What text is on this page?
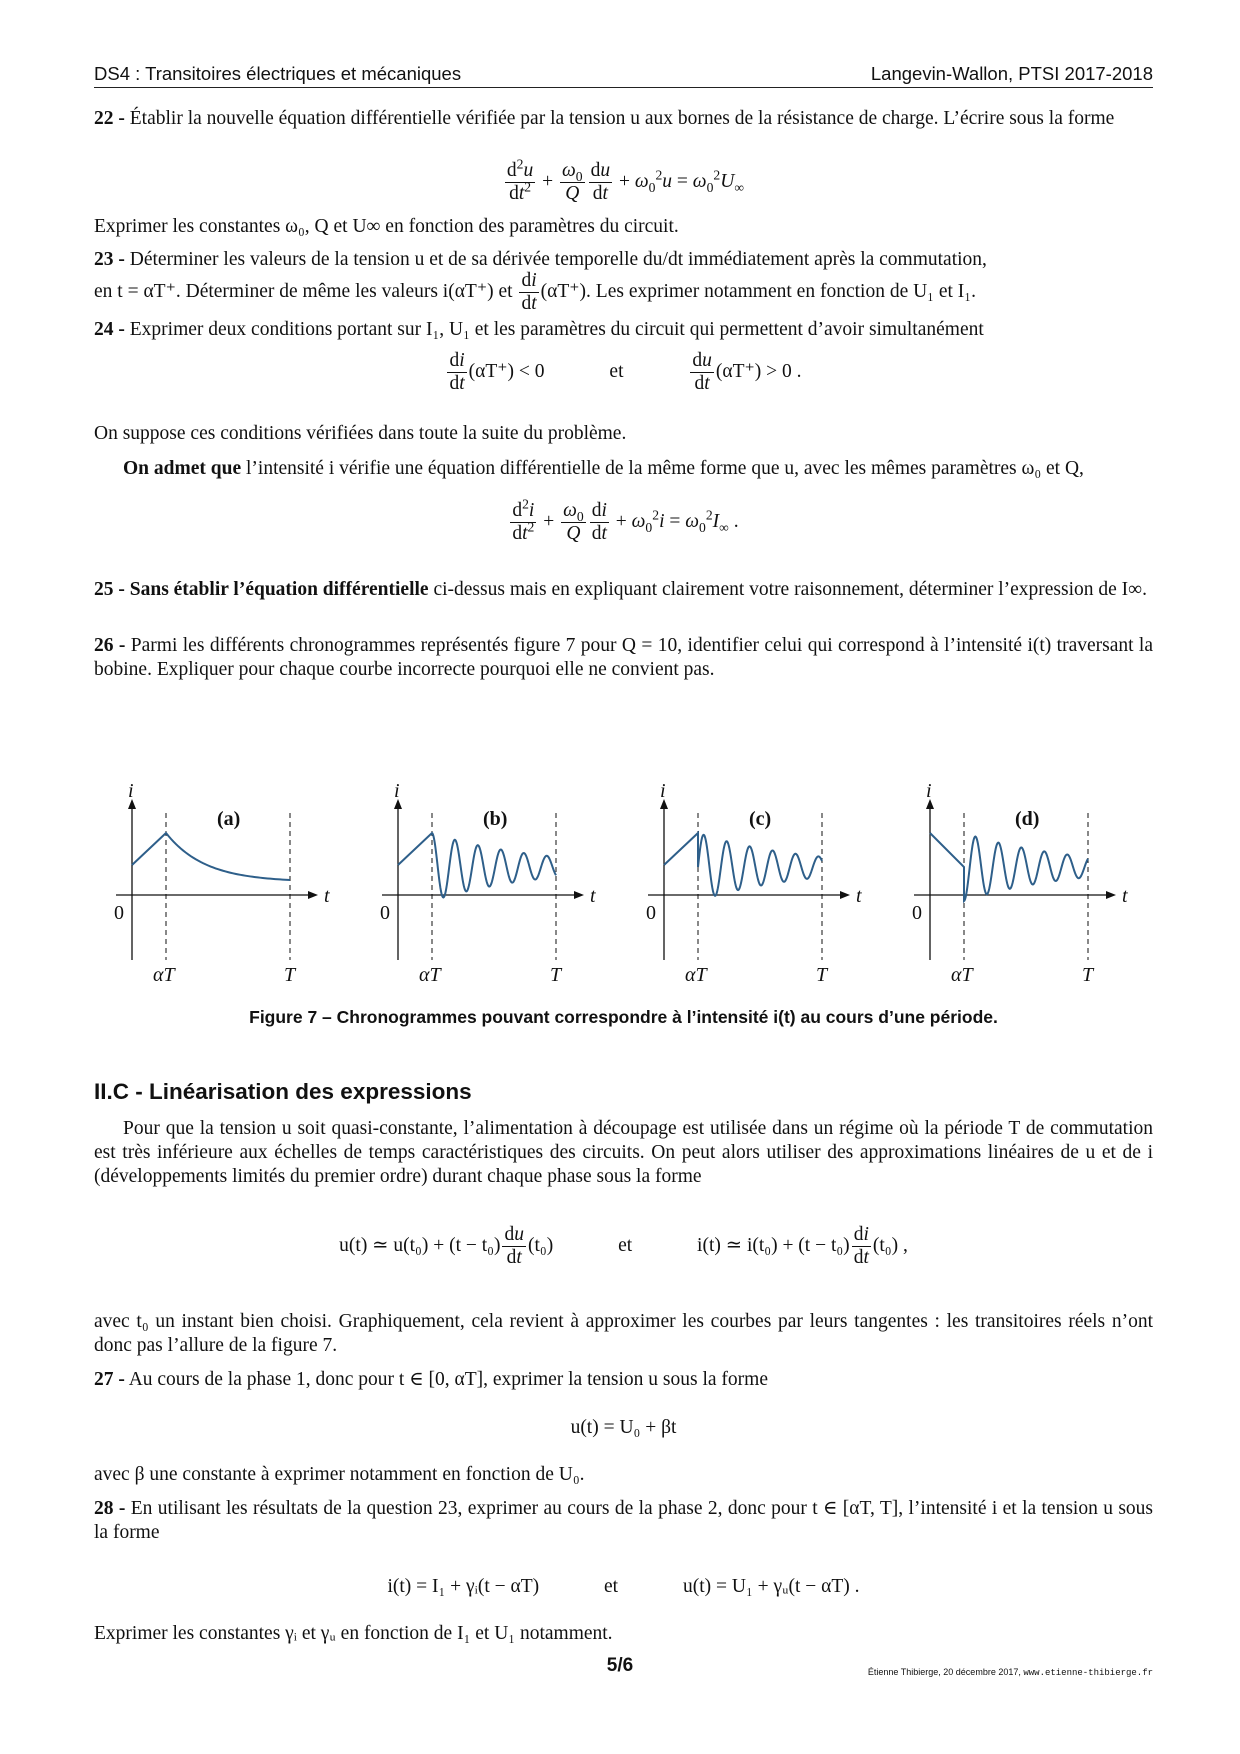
DS4 : Transitoires électriques et mécaniques	Langevin-Wallon, PTSI 2017-2018
22 - Établir la nouvelle équation différentielle vérifiée par la tension u aux bornes de la résistance de charge. L’écrire sous la forme
$\frac{d^2u}{dt^2} + \frac{\omega_0}{Q} \frac{du}{dt} + \omega_0^2u = \omega_0^2U_\infty$
Exprimer les constantes ω₀, Q et U∞ en fonction des paramètres du circuit.
23 - Déterminer les valeurs de la tension u et de sa dérivée temporelle du/dt immédiatement après la commutation,
en t = αT⁺. Déterminer de même les valeurs i(αT⁺) et $\frac{di}{dt} (\alpha T^+)$. Les exprimer notamment en fonction de U₁ et I₁.
24 - Exprimer deux conditions portant sur I₁, U₁ et les paramètres du circuit qui permettent d’avoir simultanément
$\frac{di}{dt} (\alpha T^+) < 0$	et	$\frac{du}{dt} (\alpha T^+) > 0$ .
On suppose ces conditions vérifiées dans toute la suite du problème.
On admet que l’intensité i vérifie une équation différentielle de la même forme que u, avec les mêmes paramètres ω₀ et Q,
$\frac{d^2i}{dt^2} + \frac{\omega_0}{Q} \frac{di}{dt} + \omega_0^2i = \omega_0^2I_\infty$ .
25 - Sans établir l’équation différentielle ci-dessus mais en expliquant clairement votre raisonnement, déterminer l’expression de I∞.
26 - Parmi les différents chronogrammes représentés figure 7 pour Q = 10, identifier celui qui correspond à l’intensité i(t) traversant la bobine. Expliquer pour chaque courbe incorrecte pourquoi elle ne convient pas.
i
t
0
αT	T
(a)
i
t
0
αT	T
(b)
i
t
0
αT	T
(c)
i
t
0
αT	T
(d)
Figure 7 – Chronogrammes pouvant correspondre à l’intensité i(t) au cours d’une période.
II.C - Linéarisation des expressions
Pour que la tension u soit quasi-constante, l’alimentation à découpage est utilisée dans un régime où la période T de commutation est très inférieure aux échelles de temps caractéristiques des circuits. On peut alors utiliser des approximations linéaires de u et de i (développements limités du premier ordre) durant chaque phase sous la forme
u(t) ≃ $u(t_0) + (t - t_0) \frac{du}{dt} (t_0)$	et	i(t) ≃ $i(t_0) + (t - t_0) \frac{di}{dt} (t_0)$ ,
avec t₀ un instant bien choisi. Graphiquement, cela revient à approximer les courbes par leurs tangentes : les transitoires réels n’ont donc pas l’allure de la figure 7.
27 - Au cours de la phase 1, donc pour t ∈ [0, αT], exprimer la tension u sous la forme
u(t) = U₀ + βt
avec β une constante à exprimer notamment en fonction de U₀.
28 - En utilisant les résultats de la question 23, exprimer au cours de la phase 2, donc pour t ∈ [αT, T], l’intensité i et la tension u sous la forme
i(t) = I₁ + γᵢ(t − αT)	et	u(t) = U₁ + γᵤ(t − αT) .
Exprimer les constantes γᵢ et γᵤ en fonction de I₁ et U₁ notamment.
5/6	Étienne Thibierge, 20 décembre 2017, www.etienne-thibierge.fr
